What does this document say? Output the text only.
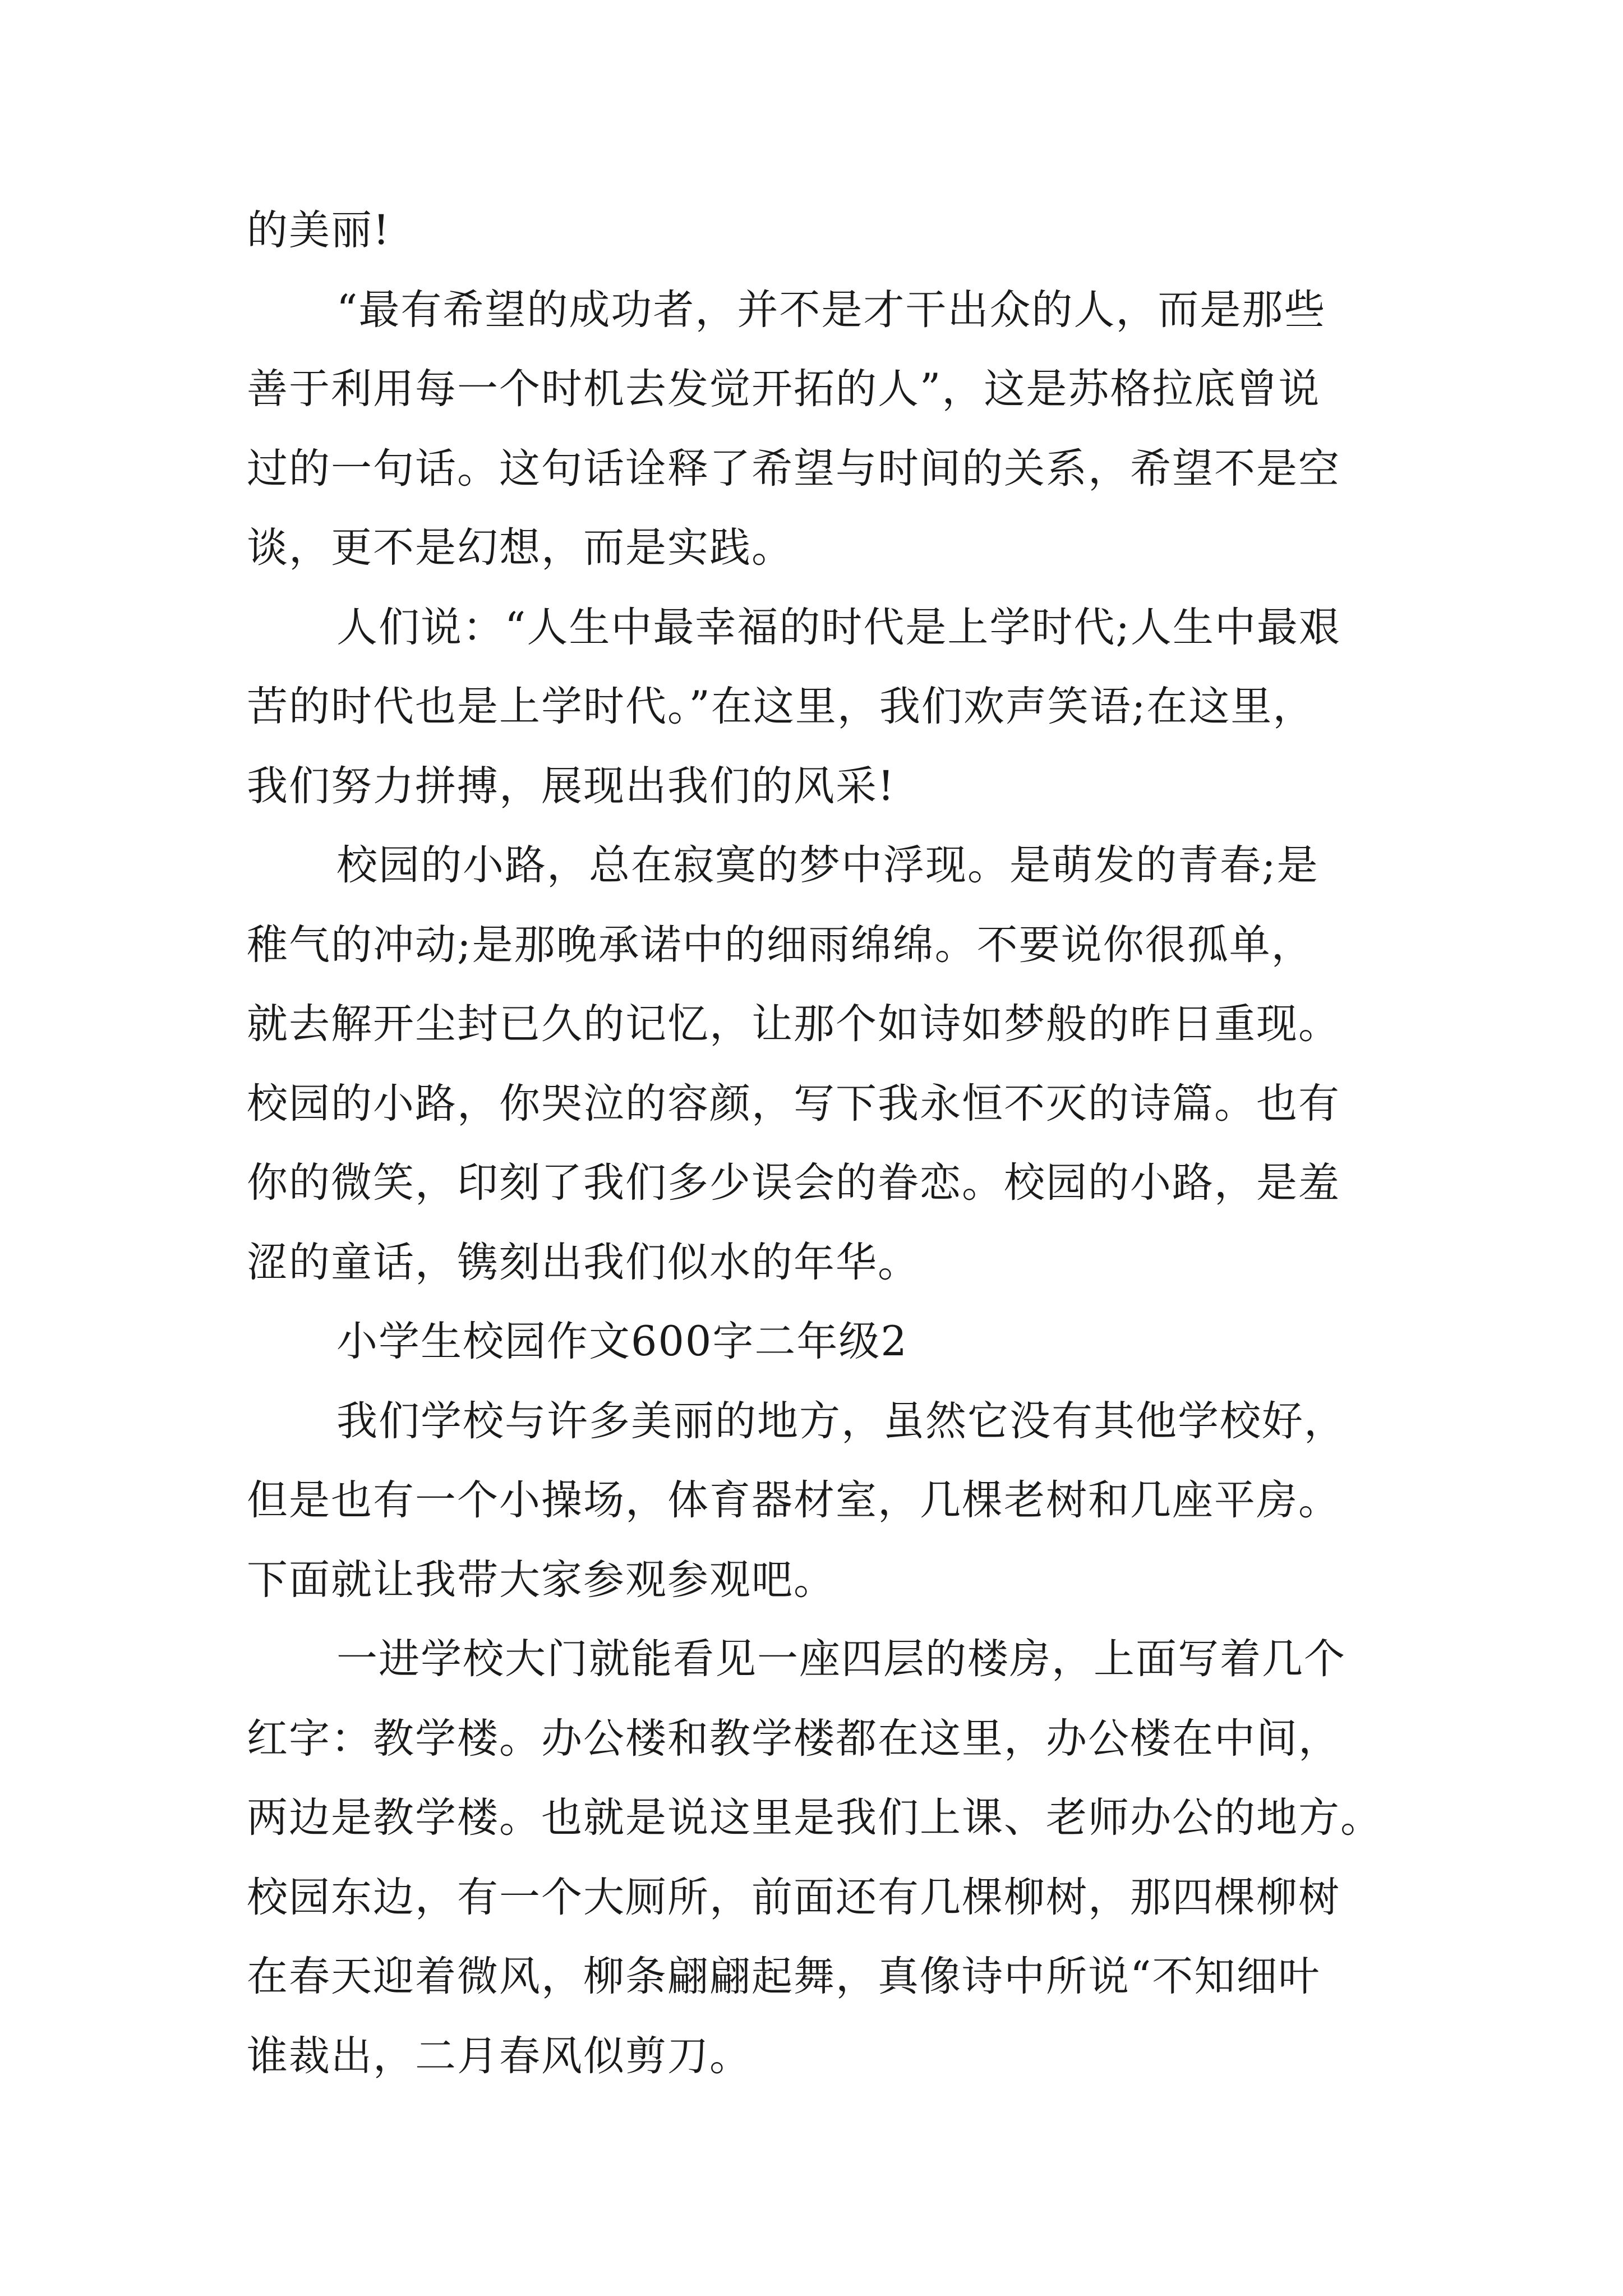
的美丽!
“最有希望的成功者，并不是才干出众的人，而是那些
善于利用每一个时机去发觉开拓的人”，这是苏格拉底曾说
过的一句话。这句话诠释了希望与时间的关系，希望不是空
谈，更不是幻想，而是实践。
人们说：“人生中最幸福的时代是上学时代;人生中最艰
苦的时代也是上学时代。”在这里，我们欢声笑语;在这里，
我们努力拼搏，展现出我们的风采!
校园的小路，总在寂寞的梦中浮现。是萌发的青春;是
稚气的冲动;是那晚承诺中的细雨绵绵。不要说你很孤单，
就去解开尘封已久的记忆，让那个如诗如梦般的昨日重现。
校园的小路，你哭泣的容颜，写下我永恒不灭的诗篇。也有
你的微笑，印刻了我们多少误会的眷恋。校园的小路，是羞
涩的童话，镌刻出我们似水的年华。
小学生校园作文600字二年级2
我们学校与许多美丽的地方，虽然它没有其他学校好，
但是也有一个小操场，体育器材室，几棵老树和几座平房。
下面就让我带大家参观参观吧。
一进学校大门就能看见一座四层的楼房，上面写着几个
红字：教学楼。办公楼和教学楼都在这里，办公楼在中间，
两边是教学楼。也就是说这里是我们上课、老师办公的地方。
校园东边，有一个大厕所，前面还有几棵柳树，那四棵柳树
在春天迎着微风，柳条翩翩起舞，真像诗中所说“不知细叶
谁裁出，二月春风似剪刀。
